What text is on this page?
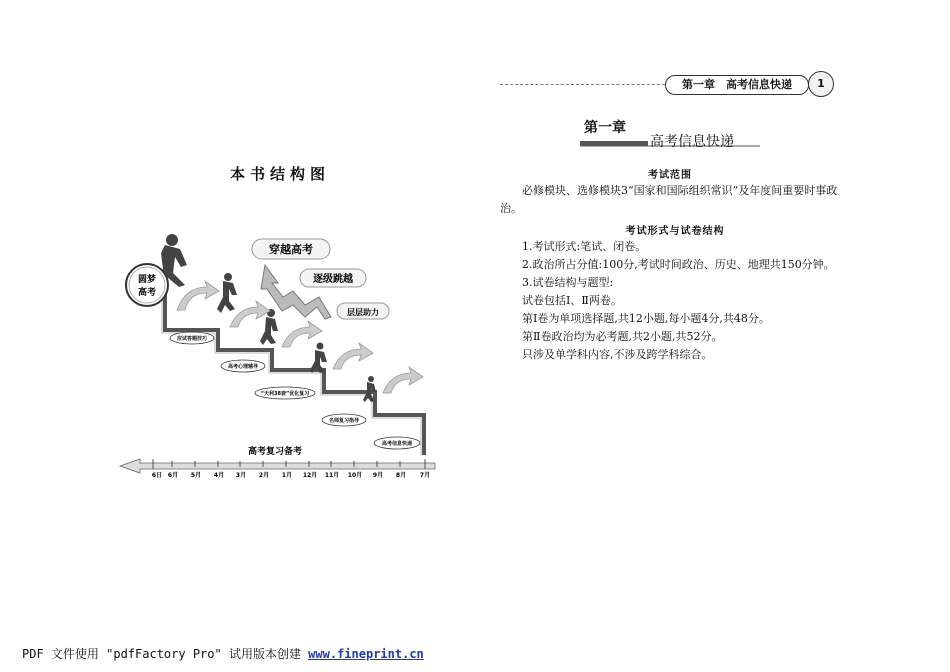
本书结构图
圆梦
高考
穿越高考
逐级跳越
层层助力
应试答题技巧
高考心理辅导
“天利38套”优化复习
名师复习指导
高考信息快递
高考复习备考
6日 6月 5月 4月 3月 2月 1月 12月 11月 10月 9月 8月 7月
第一章　高考信息快递	1
第一章
高考信息快递
考试范围
必修模块、选修模块3“国家和国际组织常识”及年度间重要时事政治。
考试形式与试卷结构
1.考试形式:笔试、闭卷。
2.政治所占分值:100分,考试时间政治、历史、地理共150分钟。
3.试卷结构与题型:
试卷包括Ⅰ、Ⅱ两卷。
第Ⅰ卷为单项选择题,共12小题,每小题4分,共48分。
第Ⅱ卷政治均为必考题,共2小题,共52分。
只涉及单学科内容,不涉及跨学科综合。
PDF 文件使用 "pdfFactory Pro" 试用版本创建 www.fineprint.cn
